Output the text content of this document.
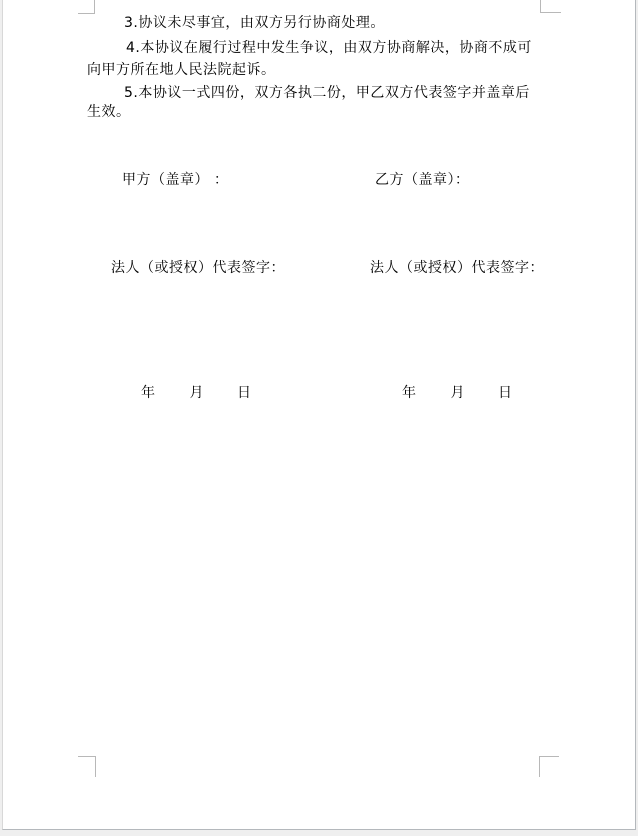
3.协议未尽事宜，由双方另行协商处理。
4.本协议在履行过程中发生争议，由双方协商解决，协商不成可
向甲方所在地人民法院起诉。
5.本协议一式四份，双方各执二份，甲乙双方代表签字并盖章后
生效。
甲方（盖章） ：	乙方（盖章）：
法人（或授权）代表签字：	法人（或授权）代表签字：
年 月 日	年 月 日
